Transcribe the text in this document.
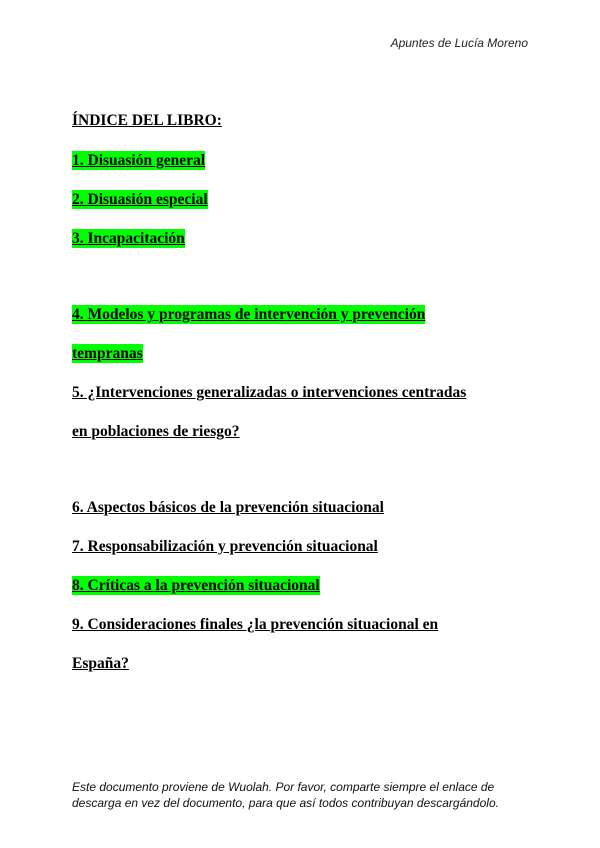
Apuntes de Lucía Moreno
ÍNDICE DEL LIBRO:
1. Disuasión general
2. Disuasión especial
3. Incapacitación
4. Modelos y programas de intervención y prevención
tempranas
5. ¿Intervenciones generalizadas o intervenciones centradas
en poblaciones de riesgo?
6. Aspectos básicos de la prevención situacional
7. Responsabilización y prevención situacional
8. Críticas a la prevención situacional
9. Consideraciones finales ¿la prevención situacional en
España?

Este documento proviene de Wuolah. Por favor, comparte siempre el enlace de descarga en vez del documento, para que así todos contribuyan descargándolo.
